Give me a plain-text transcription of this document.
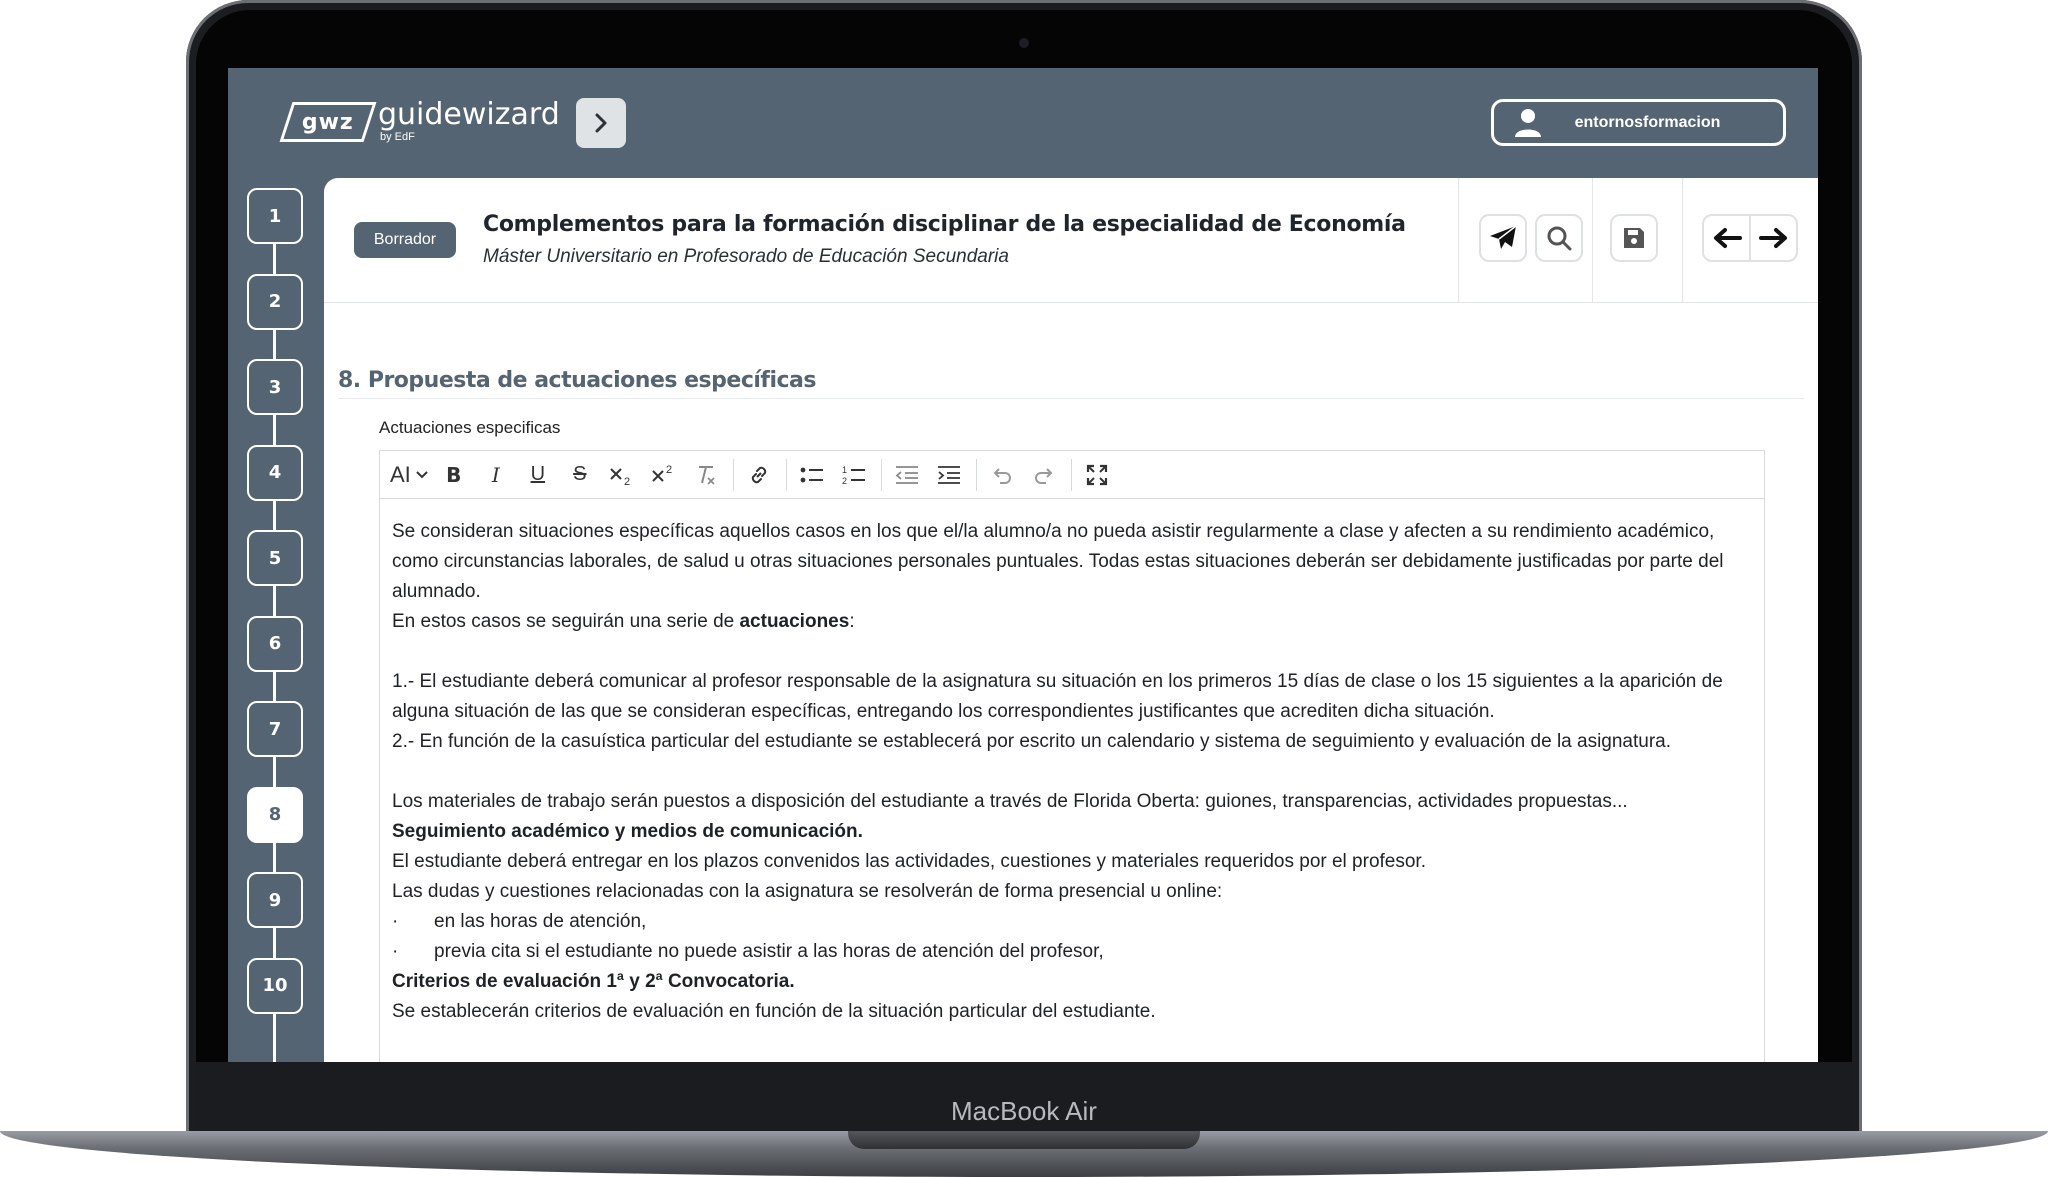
MacBook Air
gwz guidewizard
by EdF
entornosformacion
1
2
3
4
5
6
7
8
9
10
Borrador
Complementos para la formación disciplinar de la especialidad de Economía
Máster Universitario en Profesorado de Educación Secundaria
8. Propuesta de actuaciones específicas
Actuaciones especificas
AI B I U S	2
2	1
2

Se consideran situaciones específicas aquellos casos en los que el/la alumno/a no pueda asistir regularmente a clase y afecten a su rendimiento académico, como circunstancias laborales, de salud u otras situaciones personales puntuales. Todas estas situaciones deberán ser debidamente justificadas por parte del alumnado.

En estos casos se seguirán una serie de actuaciones:

1.- El estudiante deberá comunicar al profesor responsable de la asignatura su situación en los primeros 15 días de clase o los 15 siguientes a la aparición de alguna situación de las que se consideran específicas, entregando los correspondientes justificantes que acrediten dicha situación.

2.- En función de la casuística particular del estudiante se establecerá por escrito un calendario y sistema de seguimiento y evaluación de la asignatura.

Los materiales de trabajo serán puestos a disposición del estudiante a través de Florida Oberta: guiones, transparencias, actividades propuestas...

Seguimiento académico y medios de comunicación.

El estudiante deberá entregar en los plazos convenidos las actividades, cuestiones y materiales requeridos por el profesor.

Las dudas y cuestiones relacionadas con la asignatura se resolverán de forma presencial u online:

·	en las horas de atención,
·	previa cita si el estudiante no puede asistir a las horas de atención del profesor,

Criterios de evaluación 1ª y 2ª Convocatoria.

Se establecerán criterios de evaluación en función de la situación particular del estudiante.
